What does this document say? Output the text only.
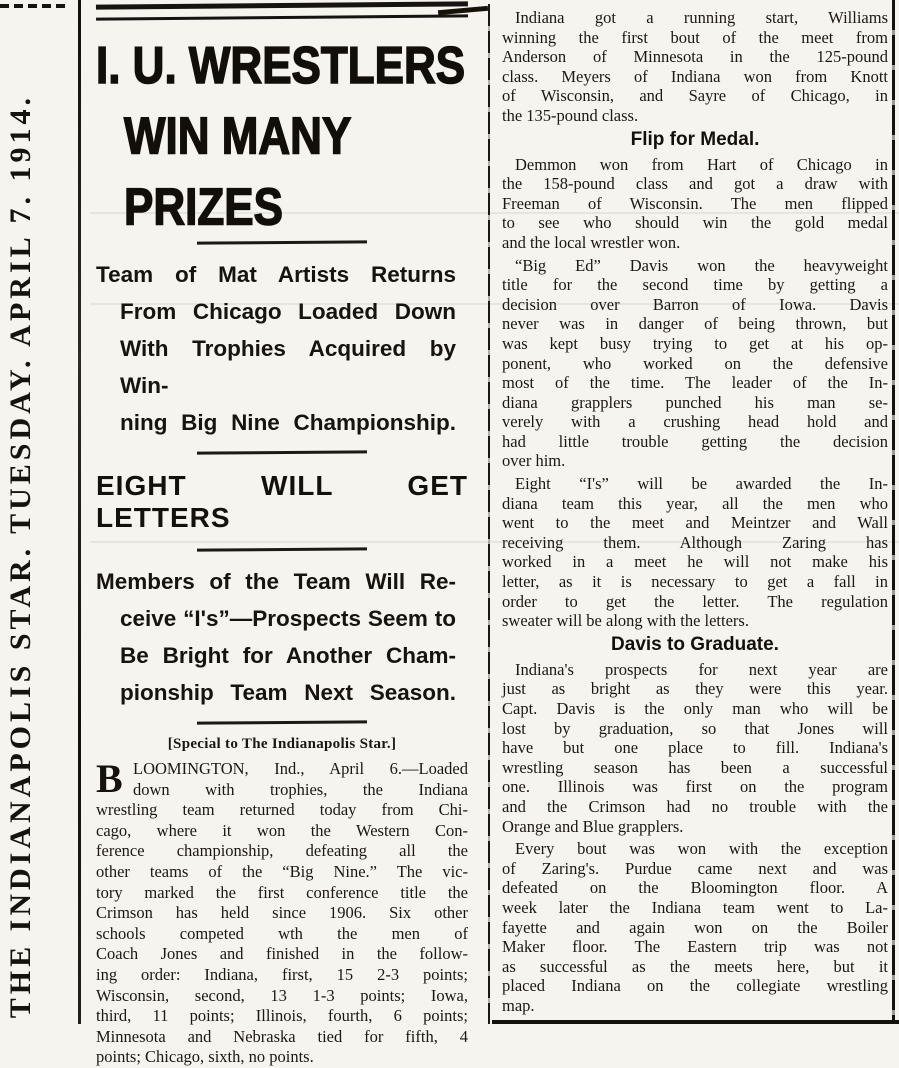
THE INDIANAPOLIS STAR. TUESDAY. APRIL 7. 1914.
I. U. WRESTLERS
WIN MANY PRIZES
Team of Mat Artists Returns
From Chicago Loaded Down
With Trophies Acquired by Win-
ning Big Nine Championship.
EIGHT WILL GET LETTERS
Members of the Team Will Re-
ceive “I's”—Prospects Seem to
Be Bright for Another Cham-
pionship Team Next Season.
[Special to The Indianapolis Star.]
B LOOMINGTON, Ind., April 6.—Loaded
down with trophies, the Indiana
wrestling team returned today from Chi-
cago, where it won the Western Con-
ference championship, defeating all the
other teams of the “Big Nine.” The vic-
tory marked the first conference title the
Crimson has held since 1906. Six other
schools competed wth the men of
Coach Jones and finished in the follow-
ing order: Indiana, first, 15 2-3 points;
Wisconsin, second, 13 1-3 points; Iowa,
third, 11 points; Illinois, fourth, 6 points;
Minnesota and Nebraska tied for fifth, 4
points; Chicago, sixth, no points.
Indiana got a running start, Williams
winning the first bout of the meet from
Anderson of Minnesota in the 125-pound
class. Meyers of Indiana won from Knott
of Wisconsin, and Sayre of Chicago, in
the 135-pound class.
Flip for Medal.
Demmon won from Hart of Chicago in
the 158-pound class and got a draw with
Freeman of Wisconsin. The men flipped
to see who should win the gold medal
and the local wrestler won.
“Big Ed” Davis won the heavyweight
title for the second time by getting a
decision over Barron of Iowa. Davis
never was in danger of being thrown, but
was kept busy trying to get at his op-
ponent, who worked on the defensive
most of the time. The leader of the In-
diana grapplers punched his man se-
verely with a crushing head hold and
had little trouble getting the decision
over him.
Eight “I's” will be awarded the In-
diana team this year, all the men who
went to the meet and Meintzer and Wall
receiving them. Although Zaring has
worked in a meet he will not make his
letter, as it is necessary to get a fall in
order to get the letter. The regulation
sweater will be along with the letters.
Davis to Graduate.
Indiana's prospects for next year are
just as bright as they were this year.
Capt. Davis is the only man who will be
lost by graduation, so that Jones will
have but one place to fill. Indiana's
wrestling season has been a successful
one. Illinois was first on the program
and the Crimson had no trouble with the
Orange and Blue grapplers.
Every bout was won with the exception
of Zaring's. Purdue came next and was
defeated on the Bloomington floor. A
week later the Indiana team went to La-
fayette and again won on the Boiler
Maker floor. The Eastern trip was not
as successful as the meets here, but it
placed Indiana on the collegiate wrestling
map.
